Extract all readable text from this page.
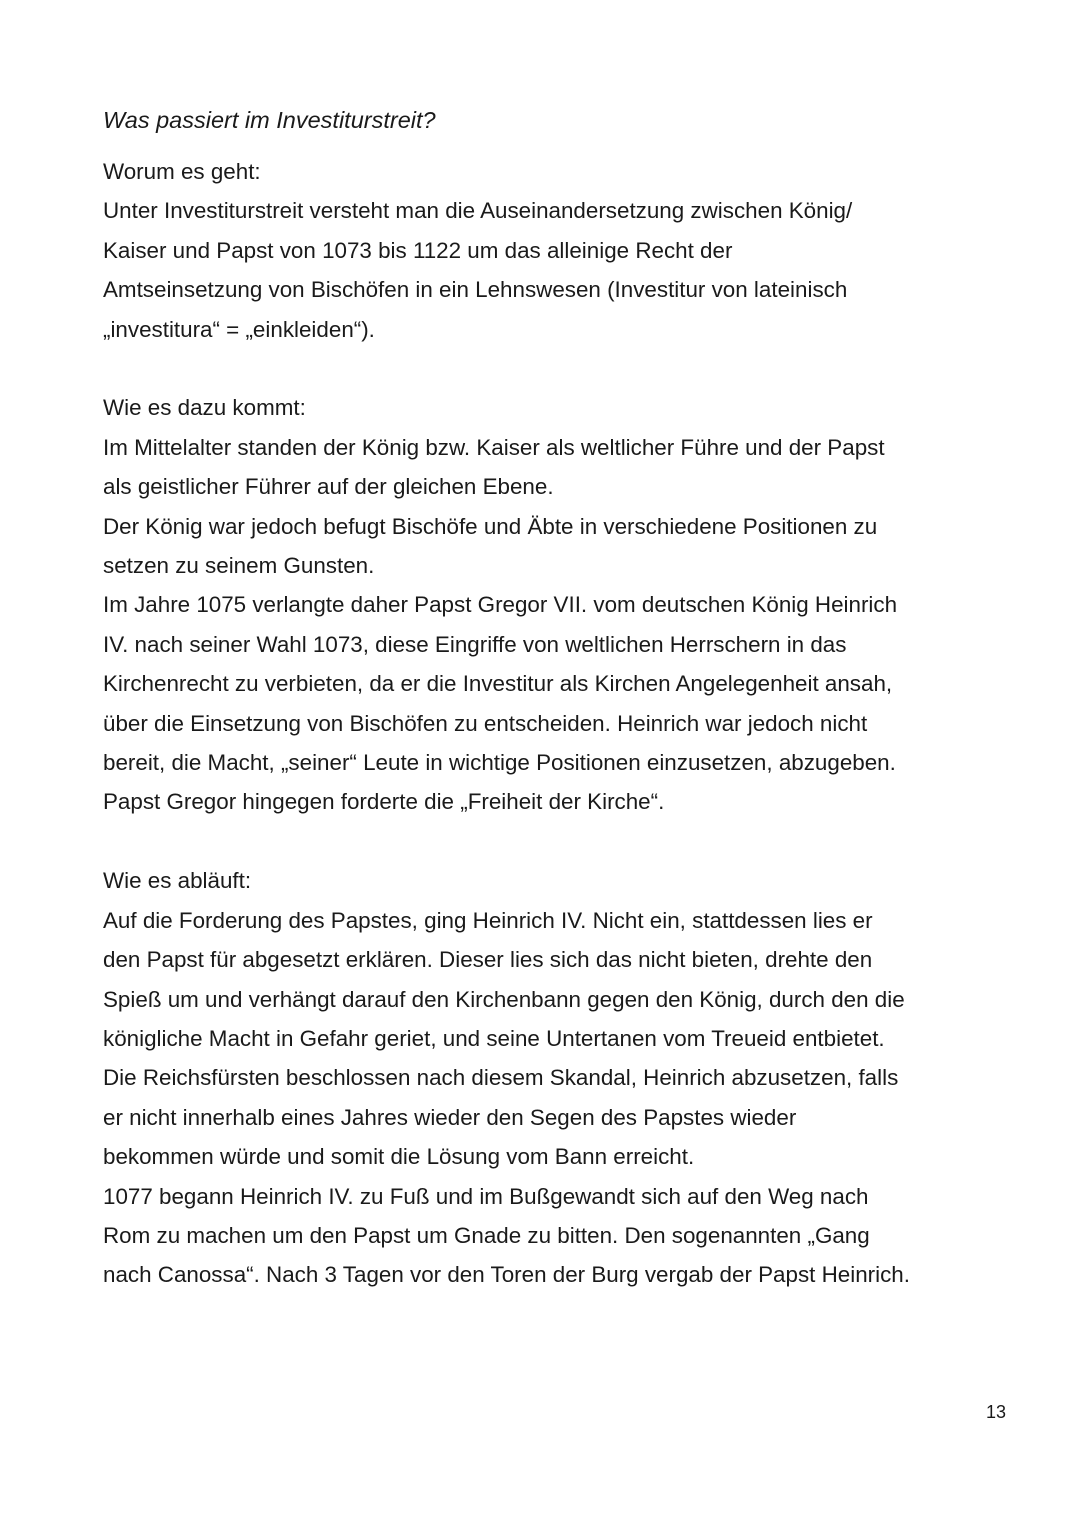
Was passiert im Investiturstreit?

Worum es geht:

Unter Investiturstreit versteht man die Auseinandersetzung zwischen König/

Kaiser und Papst von 1073 bis 1122 um das alleinige Recht der

Amtseinsetzung von Bischöfen in ein Lehnswesen (Investitur von lateinisch

„investitura“ = „einkleiden“).

Wie es dazu kommt:

Im Mittelalter standen der König bzw. Kaiser als weltlicher Führe und der Papst

als geistlicher Führer auf der gleichen Ebene.

Der König war jedoch befugt Bischöfe und Äbte in verschiedene Positionen zu

setzen zu seinem Gunsten.

Im Jahre 1075 verlangte daher Papst Gregor VII. vom deutschen König Heinrich

IV. nach seiner Wahl 1073, diese Eingriffe von weltlichen Herrschern in das

Kirchenrecht zu verbieten, da er die Investitur als Kirchen Angelegenheit ansah,

über die Einsetzung von Bischöfen zu entscheiden. Heinrich war jedoch nicht

bereit, die Macht, „seiner“ Leute in wichtige Positionen einzusetzen, abzugeben.

Papst Gregor hingegen forderte die „Freiheit der Kirche“.

Wie es abläuft:

Auf die Forderung des Papstes, ging Heinrich IV. Nicht ein, stattdessen lies er

den Papst für abgesetzt erklären. Dieser lies sich das nicht bieten, drehte den

Spieß um und verhängt darauf den Kirchenbann gegen den König, durch den die

königliche Macht in Gefahr geriet, und seine Untertanen vom Treueid entbietet.

Die Reichsfürsten beschlossen nach diesem Skandal, Heinrich abzusetzen, falls

er nicht innerhalb eines Jahres wieder den Segen des Papstes wieder

bekommen würde und somit die Lösung vom Bann erreicht.

1077 begann Heinrich IV. zu Fuß und im Bußgewandt sich auf den Weg nach

Rom zu machen um den Papst um Gnade zu bitten. Den sogenannten „Gang

nach Canossa“. Nach 3 Tagen vor den Toren der Burg vergab der Papst Heinrich.

13
